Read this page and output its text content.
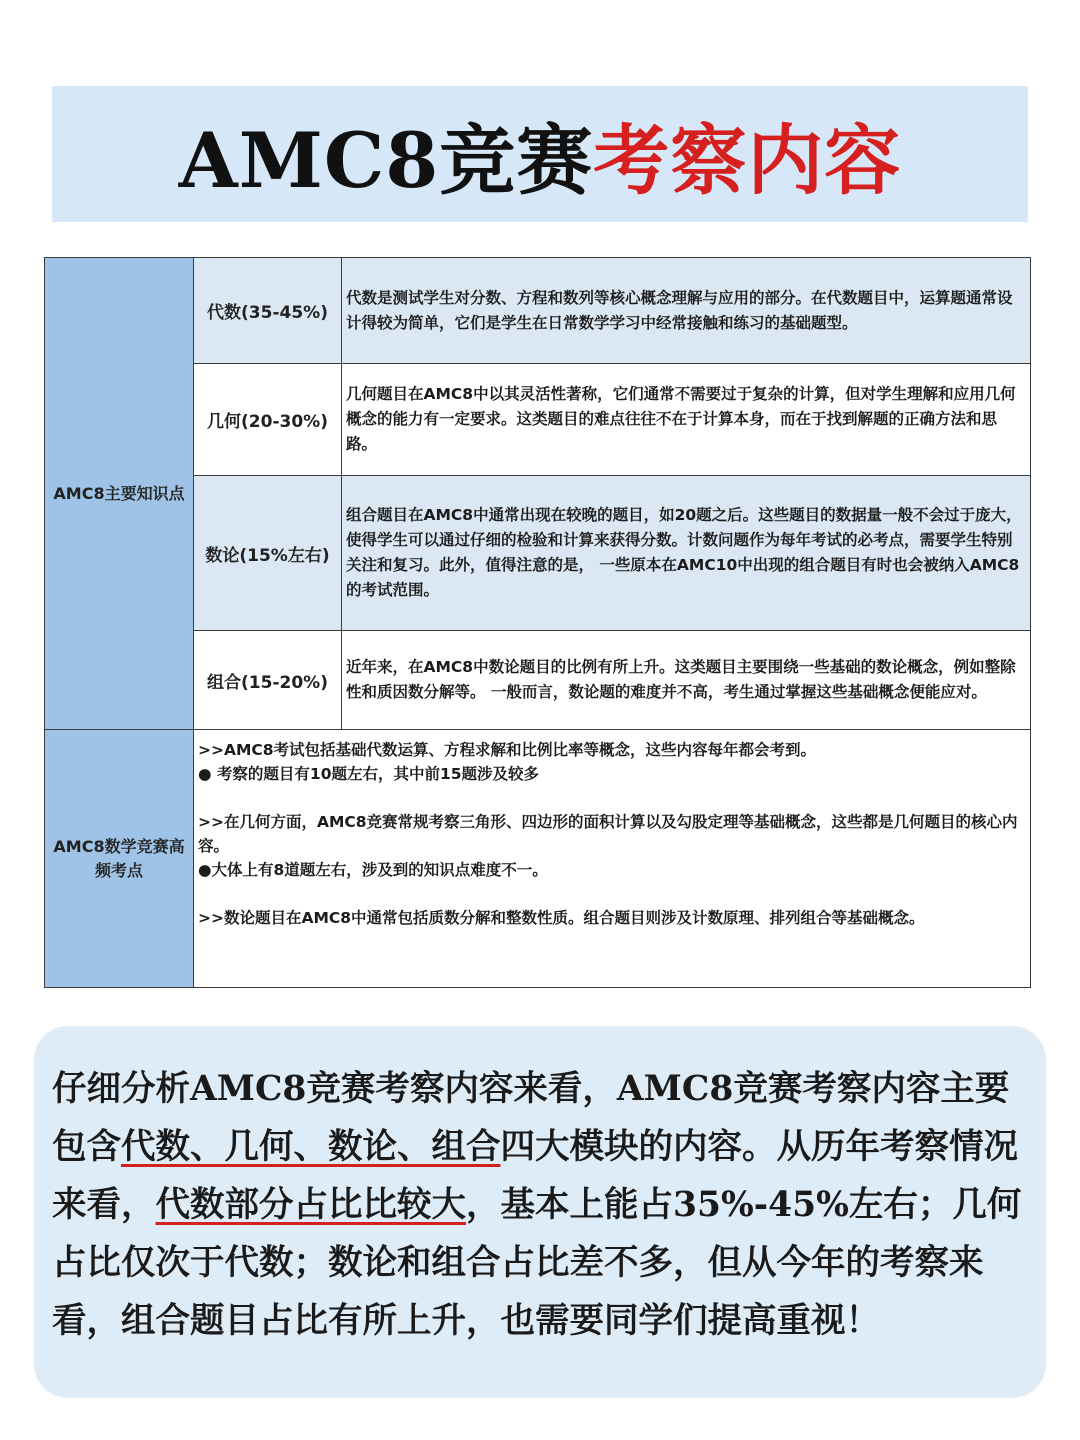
AMC8竞赛考察内容
AMC8主要知识点	代数(35-45%)	代数是测试学生对分数、方程和数列等核心概念理解与应用的部分。在代数题目中，运算题通常设计得较为简单，它们是学生在日常数学学习中经常接触和练习的基础题型。
	几何(20-30%)	几何题目在AMC8中以其灵活性著称，它们通常不需要过于复杂的计算，但对学生理解和应用几何概念的能力有一定要求。这类题目的难点往往不在于计算本身，而在于找到解题的正确方法和思路。
	数论(15%左右)	组合题目在AMC8中通常出现在较晚的题目，如20题之后。这些题目的数据量一般不会过于庞大，使得学生可以通过仔细的检验和计算来获得分数。计数问题作为每年考试的必考点，需要学生特别关注和复习。此外，值得注意的是， 一些原本在AMC10中出现的组合题目有时也会被纳入AMC8的考试范围。
	组合(15-20%)	近年来，在AMC8中数论题目的比例有所上升。这类题目主要围绕一些基础的数论概念，例如整除性和质因数分解等。 一般而言，数论题的难度并不高，考生通过掌握这些基础概念便能应对。
AMC8数学竞赛高频考点	>>AMC8考试包括基础代数运算、方程求解和比例比率等概念，这些内容每年都会考到。

● 考察的题目有10题左右，其中前15题涉及较多

>>在几何方面，AMC8竞赛常规考察三角形、四边形的面积计算以及勾股定理等基础概念，这些都是几何题目的核心内容。

●大体上有8道题左右，涉及到的知识点难度不一。

>>数论题目在AMC8中通常包括质数分解和整数性质。组合题目则涉及计数原理、排列组合等基础概念。	

仔细分析AMC8竞赛考察内容来看，AMC8竞赛考察内容主要包含代数、几何、数论、组合四大模块的内容。从历年考察情况来看，代数部分占比比较大，基本上能占35%-45%左右；几何占比仅次于代数；数论和组合占比差不多，但从今年的考察来看，组合题目占比有所上升，也需要同学们提高重视！
